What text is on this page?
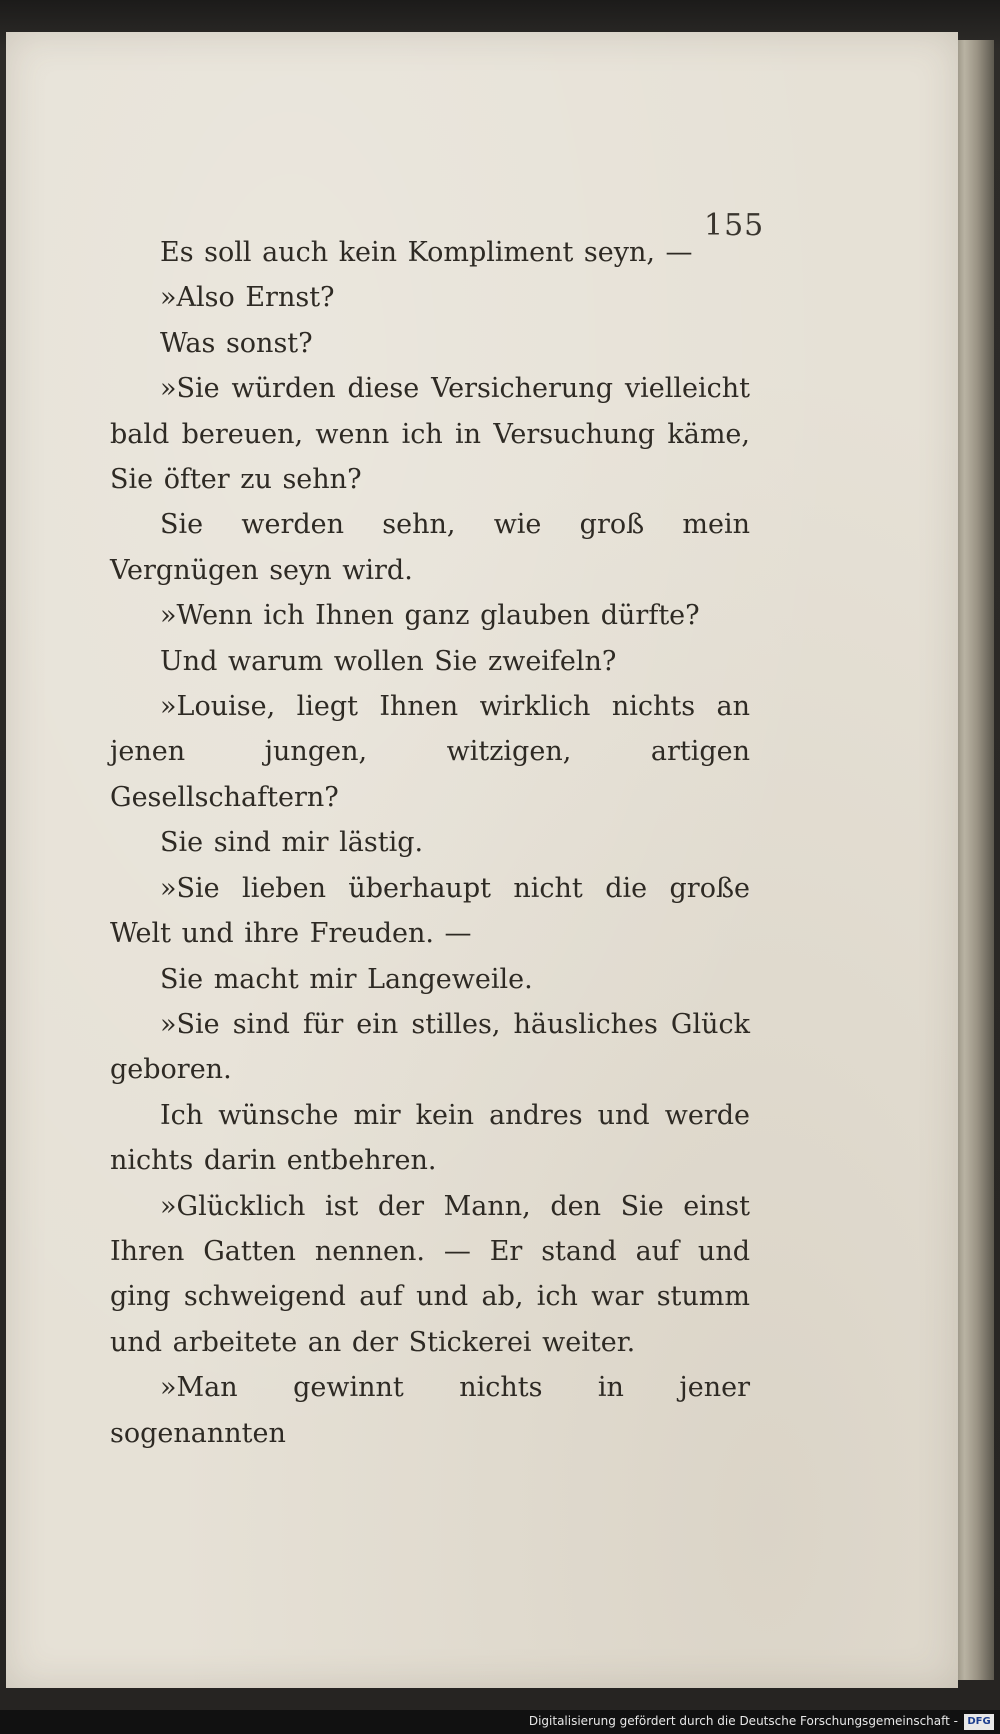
155

Es soll auch kein Kompliment seyn, —

»Also Ernst?

Was sonst?

»Sie würden diese Versicherung vielleicht bald bereuen, wenn ich in Versuchung käme, Sie öfter zu sehn?

Sie werden sehn, wie groß mein Vergnügen seyn wird.

»Wenn ich Ihnen ganz glauben dürfte?

Und warum wollen Sie zweifeln?

»Louise, liegt Ihnen wirklich nichts an jenen jungen, witzigen, artigen Gesellschaftern?

Sie sind mir lästig.

»Sie lieben überhaupt nicht die große Welt und ihre Freuden. —

Sie macht mir Langeweile.

»Sie sind für ein stilles, häusliches Glück geboren.

Ich wünsche mir kein andres und werde nichts darin entbehren.

»Glücklich ist der Mann, den Sie einst Ihren Gatten nennen. — Er stand auf und ging schweigend auf und ab, ich war stumm und arbeitete an der Stickerei weiter.

»Man gewinnt nichts in jener sogenannten

Digitalisierung gefördert durch die Deutsche Forschungsgemeinschaft - DFG
